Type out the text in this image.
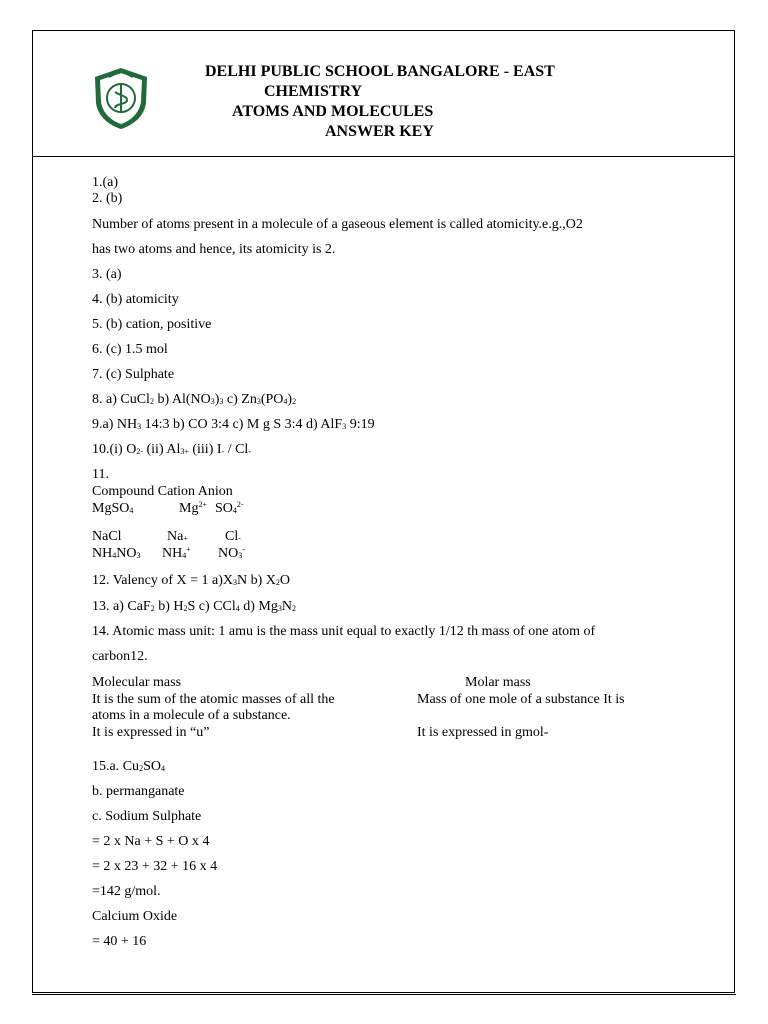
DELHI PUBLIC SCHOOL BANGALORE - EAST
CHEMISTRY
ATOMS AND MOLECULES
ANSWER KEY
1.(a)
2. (b)
Number of atoms present in a molecule of a gaseous element is called atomicity.e.g.,O2
has two atoms and hence, its atomicity is 2.
3. (a)
4. (b) atomicity
5. (b) cation, positive
6. (c) 1.5 mol
7. (c) Sulphate
8. a) CuCl$_2$ b) $Al(NO_3)_3$ c) $Zn_3(PO_4)_2$
9.a) $NH_3$ 14:3 b) CO 3:4 c) M g S 3:4 d) AlF$_3$ 9:19
10.(i) $O_{2-}$ (ii) $Al_{3+}$ (iii) $I_- / Cl_-$
11.
Compound Cation Anion
MgSO$_4$	$Mg^{2+}$ $SO_4^{2-}$
NaCl	$Na_+$	$Cl_-$
$NH_4NO_3$ $NH_4^+$ $NO_3^-$
12. Valency of X = 1 $a)X_3N$ b) $X_2O$
13. a) CaF$_2$ b) $H_2S$ c) CCl$_4$ d) $Mg_3N_2$
14. Atomic mass unit: 1 amu is the mass unit equal to exactly 1/12 th mass of one atom of
carbon12.
Molecular mass	Molar mass
It is the sum of the atomic masses of all the	Mass of one mole of a substance It is
atoms in a molecule of a substance.
It is expressed in “u”	It is expressed in gmol-
15.a. $Cu_2SO_4$
b. permanganate
c. Sodium Sulphate
= 2 x Na + S + O x 4
= 2 x 23 + 32 + 16 x 4
=142 g/mol.
Calcium Oxide
= 40 + 16
